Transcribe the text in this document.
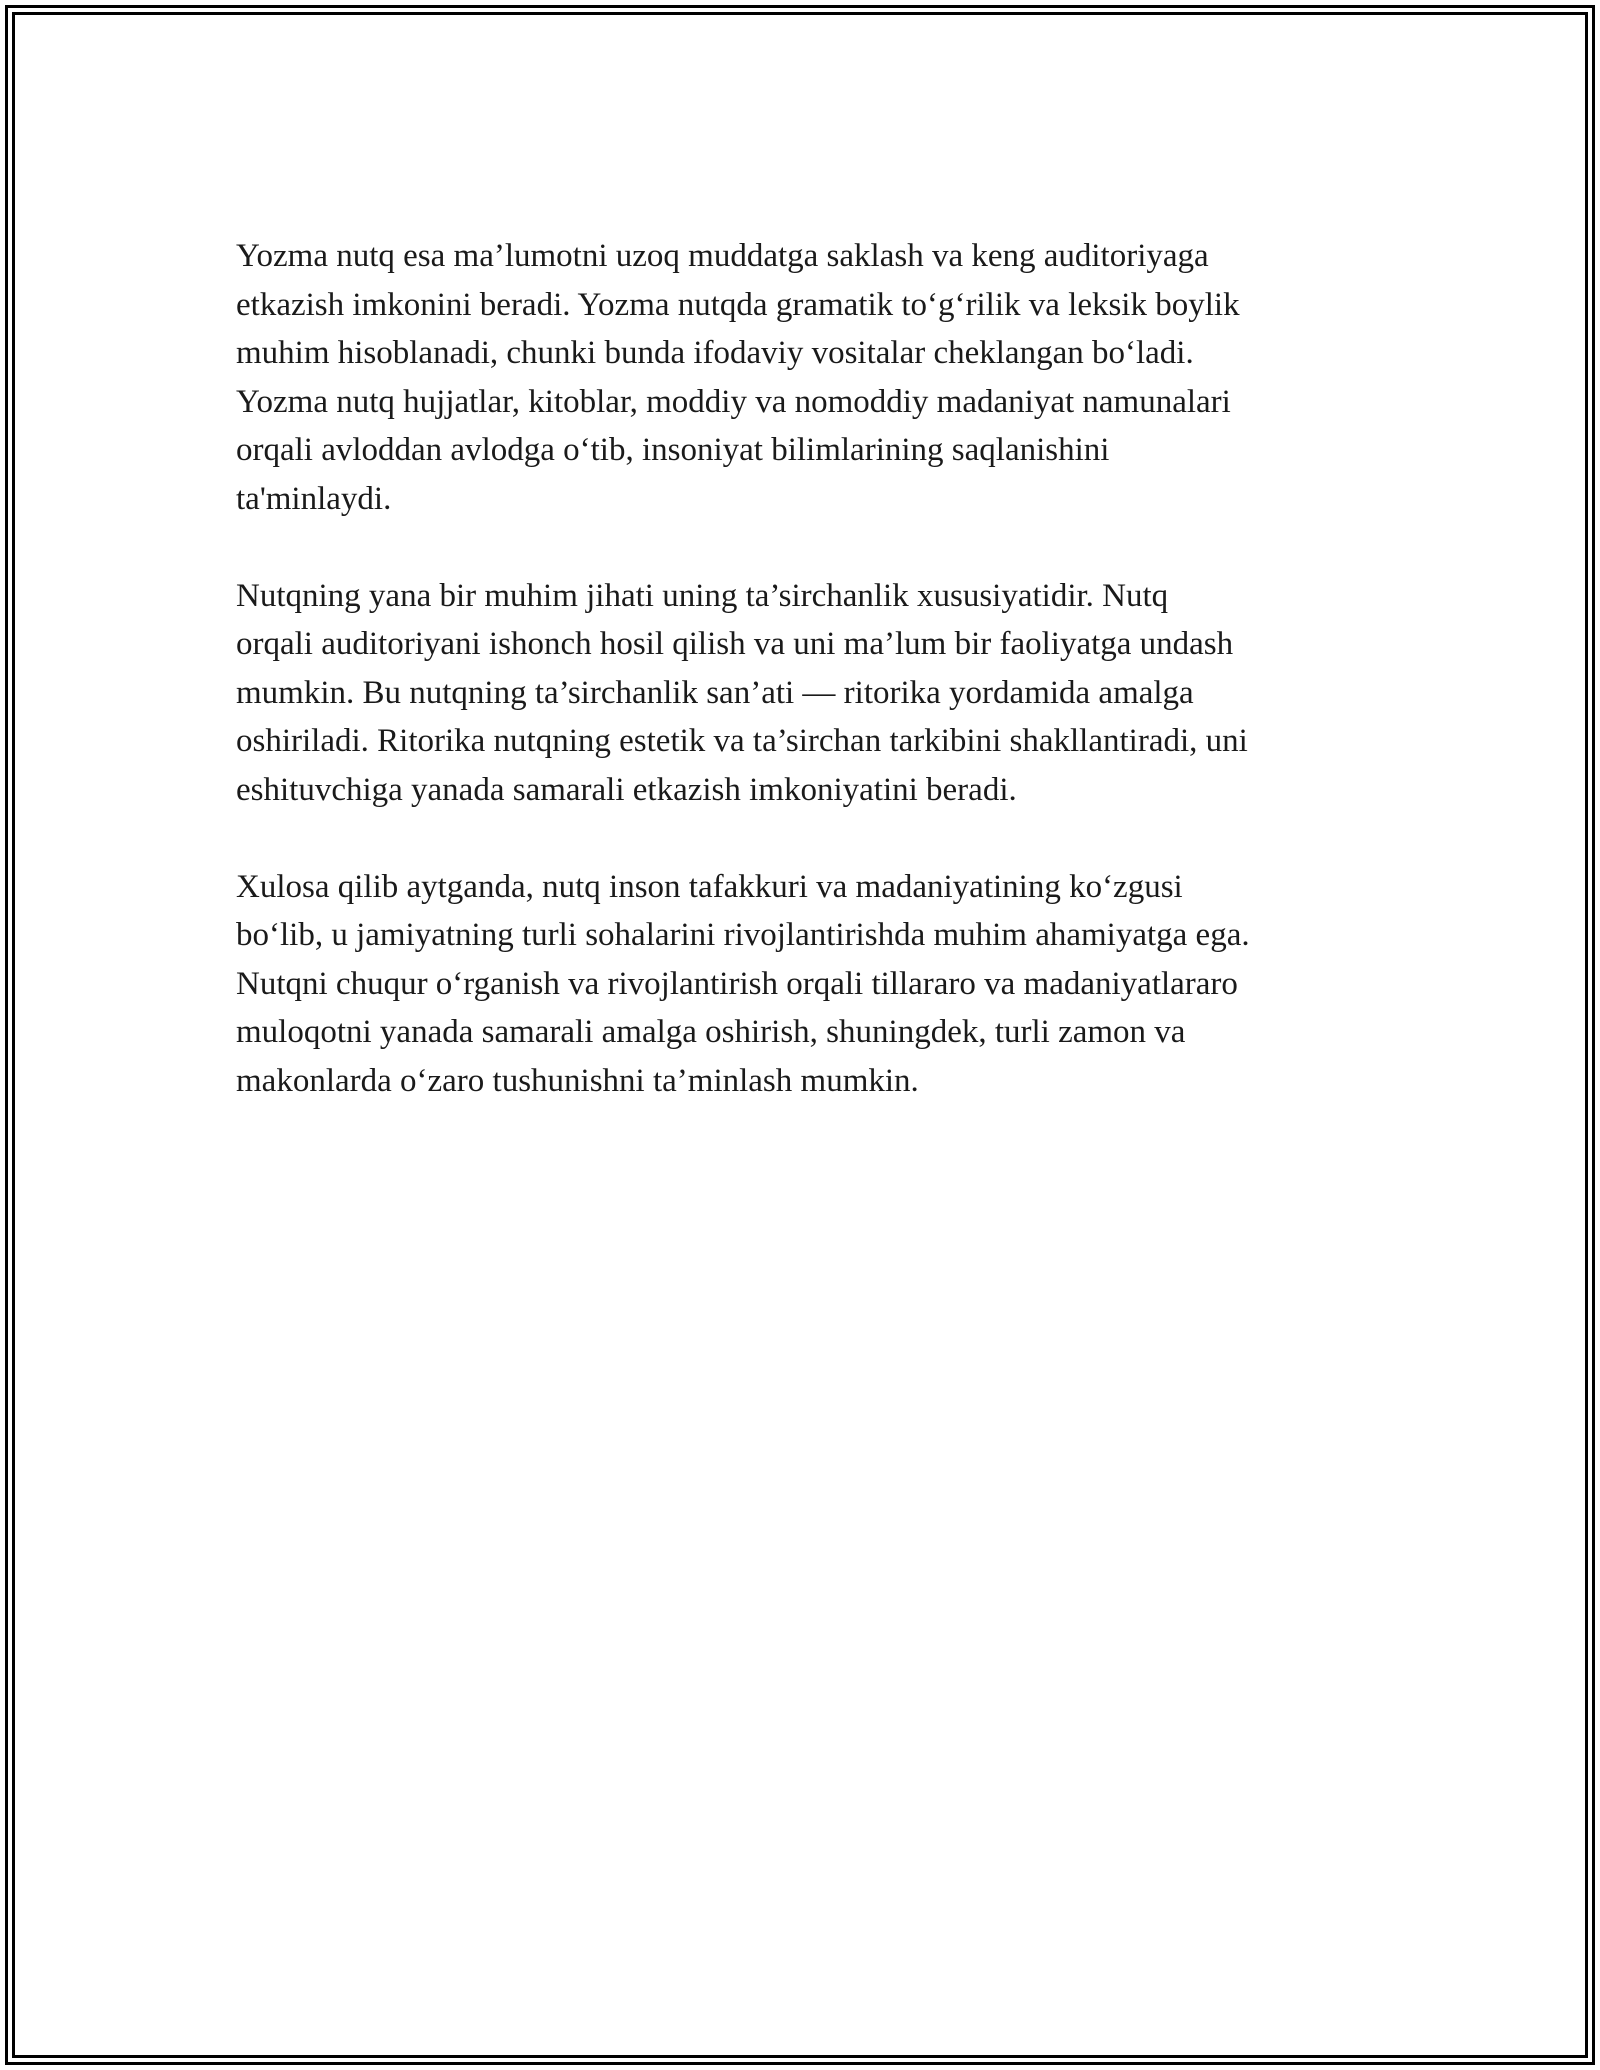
Yozma nutq esa ma’lumotni uzoq muddatga saklash va keng auditoriyaga
etkazish imkonini beradi. Yozma nutqda gramatik to‘g‘rilik va leksik boylik
muhim hisoblanadi, chunki bunda ifodaviy vositalar cheklangan bo‘ladi.
Yozma nutq hujjatlar, kitoblar, moddiy va nomoddiy madaniyat namunalari
orqali avloddan avlodga o‘tib, insoniyat bilimlarining saqlanishini
ta'minlaydi.

Nutqning yana bir muhim jihati uning ta’sirchanlik xususiyatidir. Nutq
orqali auditoriyani ishonch hosil qilish va uni ma’lum bir faoliyatga undash
mumkin. Bu nutqning ta’sirchanlik san’ati — ritorika yordamida amalga
oshiriladi. Ritorika nutqning estetik va ta’sirchan tarkibini shakllantiradi, uni
eshituvchiga yanada samarali etkazish imkoniyatini beradi.

Xulosa qilib aytganda, nutq inson tafakkuri va madaniyatining ko‘zgusi
bo‘lib, u jamiyatning turli sohalarini rivojlantirishda muhim ahamiyatga ega.
Nutqni chuqur o‘rganish va rivojlantirish orqali tillararo va madaniyatlararo
muloqotni yanada samarali amalga oshirish, shuningdek, turli zamon va
makonlarda o‘zaro tushunishni ta’minlash mumkin.
